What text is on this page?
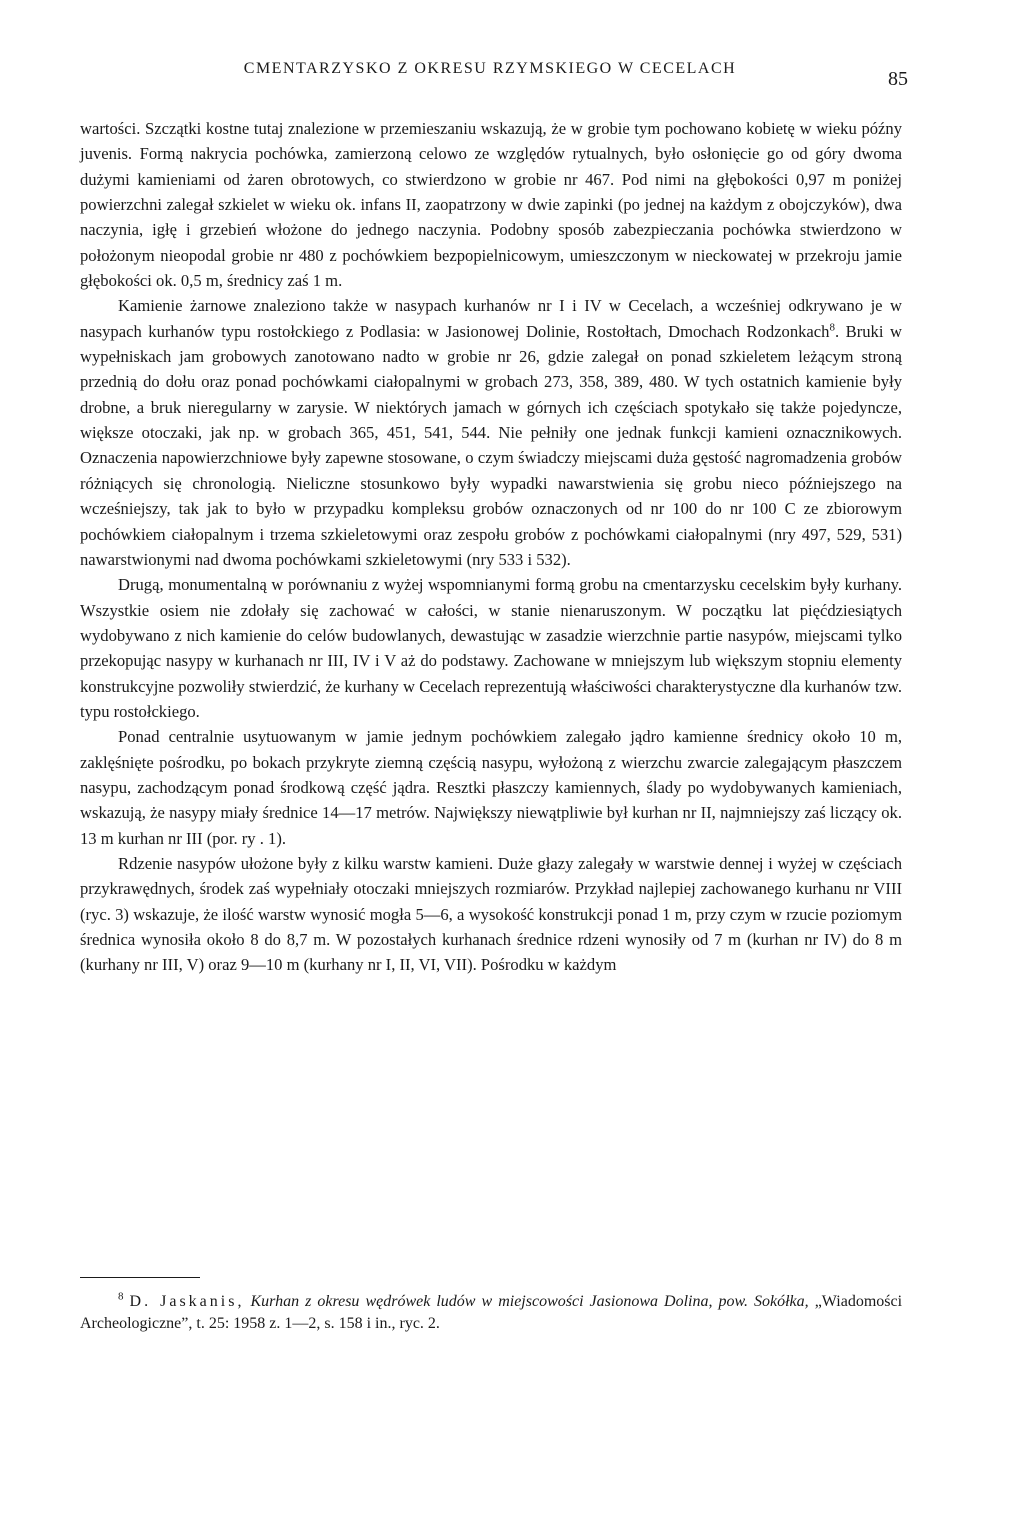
CMENTARZYSKO Z OKRESU RZYMSKIEGO W CECELACH	85

wartości. Szczątki kostne tutaj znalezione w przemieszaniu wskazują, że w grobie tym pochowano kobietę w wieku późny juvenis. Formą nakrycia pochówka, zamierzoną celowo ze względów rytualnych, było osłonięcie go od góry dwoma dużymi kamieniami od żaren obrotowych, co stwierdzono w grobie nr 467. Pod nimi na głębokości 0,97 m poniżej powierzchni zalegał szkielet w wieku ok. infans II, zaopatrzony w dwie zapinki (po jednej na każdym z obojczyków), dwa naczynia, igłę i grzebień włożone do jednego naczynia. Podobny sposób zabezpieczania pochówka stwierdzono w położonym nieopodal grobie nr 480 z pochówkiem bezpopielnicowym, umieszczonym w nieckowatej w przekroju jamie głębokości ok. 0,5 m, średnicy zaś 1 m.

Kamienie żarnowe znaleziono także w nasypach kurhanów nr I i IV w Cecelach, a wcześniej odkrywano je w nasypach kurhanów typu rostołckiego z Podlasia: w Jasionowej Dolinie, Rostołtach, Dmochach Rodzonkach$^8$. Bruki w wypełniskach jam grobowych zanotowano nadto w grobie nr 26, gdzie zalegał on ponad szkieletem leżącym stroną przednią do dołu oraz ponad pochówkami ciałopalnymi w grobach 273, 358, 389, 480. W tych ostatnich kamienie były drobne, a bruk nieregularny w zarysie. W niektórych jamach w górnych ich częściach spotykało się także pojedyncze, większe otoczaki, jak np. w grobach 365, 451, 541, 544. Nie pełniły one jednak funkcji kamieni oznacznikowych. Oznaczenia napowierzchniowe były zapewne stosowane, o czym świadczy miejscami duża gęstość nagromadzenia grobów różniących się chronologią. Nieliczne stosunkowo były wypadki nawarstwienia się grobu nieco późniejszego na wcześniejszy, tak jak to było w przypadku kompleksu grobów oznaczonych od nr 100 do nr 100 C ze zbiorowym pochówkiem ciałopalnym i trzema szkieletowymi oraz zespołu grobów z pochówkami ciałopalnymi (nry 497, 529, 531) nawarstwionymi nad dwoma pochówkami szkieletowymi (nry 533 i 532).

Drugą, monumentalną w porównaniu z wyżej wspomnianymi formą grobu na cmentarzysku cecelskim były kurhany. Wszystkie osiem nie zdołały się zachować w całości, w stanie nienaruszonym. W początku lat pięćdziesiątych wydobywano z nich kamienie do celów budowlanych, dewastując w zasadzie wierzchnie partie nasypów, miejscami tylko przekopując nasypy w kurhanach nr III, IV i V aż do podstawy. Zachowane w mniejszym lub większym stopniu elementy konstrukcyjne pozwoliły stwierdzić, że kurhany w Cecelach reprezentują właściwości charakterystyczne dla kurhanów tzw. typu rostołckiego.

Ponad centralnie usytuowanym w jamie jednym pochówkiem zalegało jądro kamienne średnicy około 10 m, zaklęśnięte pośrodku, po bokach przykryte ziemną częścią nasypu, wyłożoną z wierzchu zwarcie zalegającym płaszczem nasypu, zachodzącym ponad środkową część jądra. Resztki płaszczy kamiennych, ślady po wydobywanych kamieniach, wskazują, że nasypy miały średnice 14—17 metrów. Największy niewątpliwie był kurhan nr II, najmniejszy zaś liczący ok. 13 m kurhan nr III (por. ry . 1).

Rdzenie nasypów ułożone były z kilku warstw kamieni. Duże głazy zalegały w warstwie dennej i wyżej w częściach przykrawędnych, środek zaś wypełniały otoczaki mniejszych rozmiarów. Przykład najlepiej zachowanego kurhanu nr VIII (ryc. 3) wskazuje, że ilość warstw wynosić mogła 5—6, a wysokość konstrukcji ponad 1 m, przy czym w rzucie poziomym średnica wynosiła około 8 do 8,7 m. W pozostałych kurhanach średnice rdzeni wynosiły od 7 m (kurhan nr IV) do 8 m (kurhany nr III, V) oraz 9—10 m (kurhany nr I, II, VI, VII). Pośrodku w każdym

$^8$ D. Jaskanis, Kurhan z okresu wędrówek ludów w miejscowości Jasionowa Dolina, pow. Sokółka, „Wiadomości Archeologiczne”, t. 25: 1958 z. 1—2, s. 158 i in., ryc. 2.
